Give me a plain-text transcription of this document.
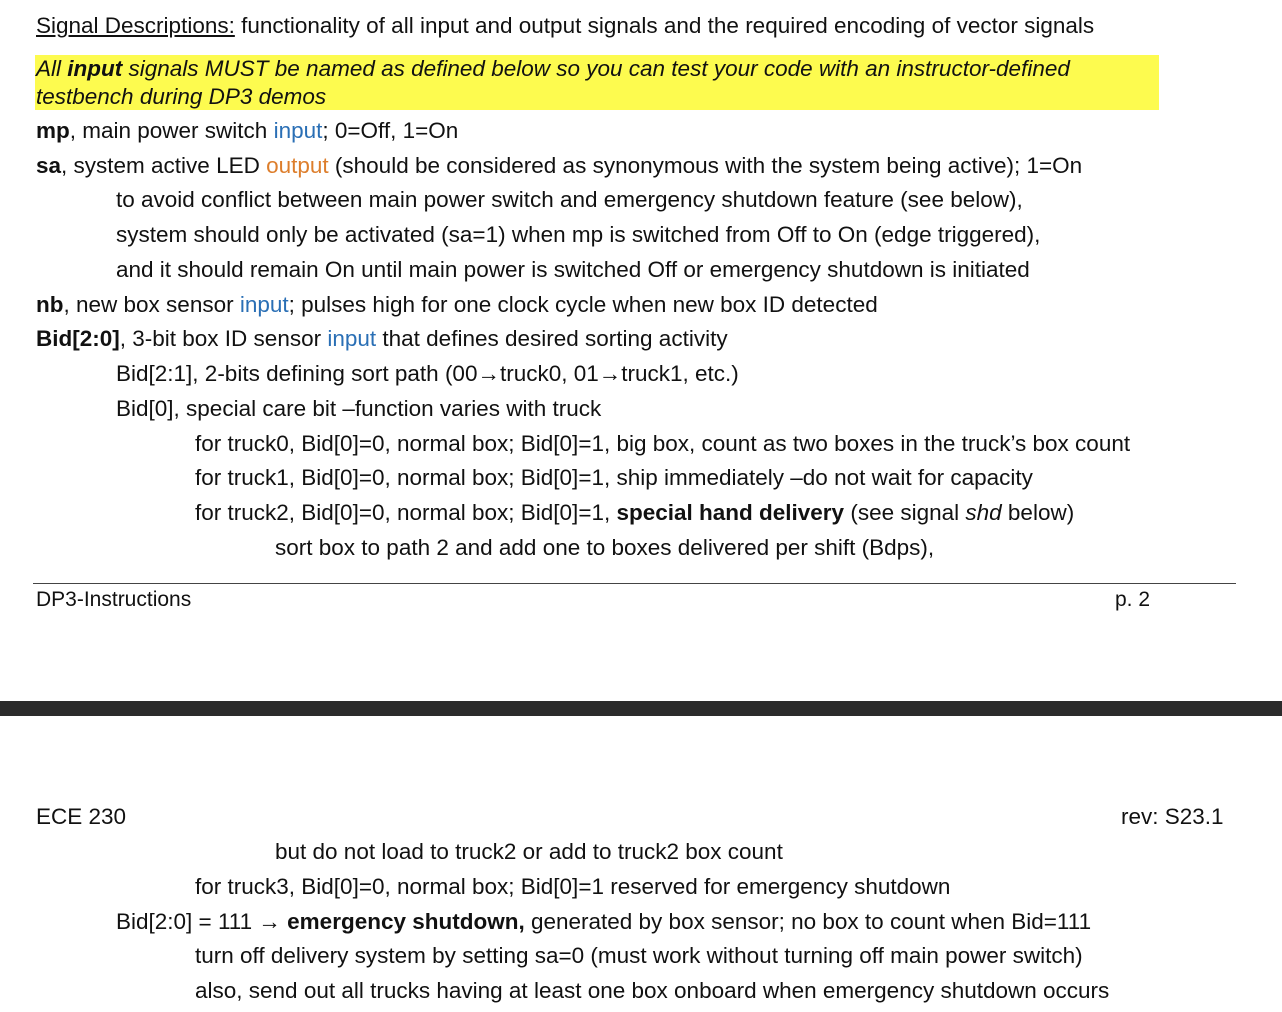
Signal Descriptions: functionality of all input and output signals and the required encoding of vector signals
All input signals MUST be named as defined below so you can test your code with an instructor-defined
testbench during DP3 demos
mp, main power switch input; 0=Off, 1=On
sa, system active LED output (should be considered as synonymous with the system being active); 1=On
to avoid conflict between main power switch and emergency shutdown feature (see below),
system should only be activated (sa=1) when mp is switched from Off to On (edge triggered),
and it should remain On until main power is switched Off or emergency shutdown is initiated
nb, new box sensor input; pulses high for one clock cycle when new box ID detected
Bid[2:0], 3-bit box ID sensor input that defines desired sorting activity
Bid[2:1], 2-bits defining sort path (00→truck0, 01→truck1, etc.)
Bid[0], special care bit –function varies with truck
for truck0, Bid[0]=0, normal box; Bid[0]=1, big box, count as two boxes in the truck’s box count
for truck1, Bid[0]=0, normal box; Bid[0]=1, ship immediately –do not wait for capacity
for truck2, Bid[0]=0, normal box; Bid[0]=1, special hand delivery (see signal shd below)
sort box to path 2 and add one to boxes delivered per shift (Bdps),
DP3-Instructions	p. 2
ECE 230	rev: S23.1
but do not load to truck2 or add to truck2 box count
for truck3, Bid[0]=0, normal box; Bid[0]=1 reserved for emergency shutdown
Bid[2:0] = 111 → emergency shutdown, generated by box sensor; no box to count when Bid=111
turn off delivery system by setting sa=0 (must work without turning off main power switch)
also, send out all trucks having at least one box onboard when emergency shutdown occurs
